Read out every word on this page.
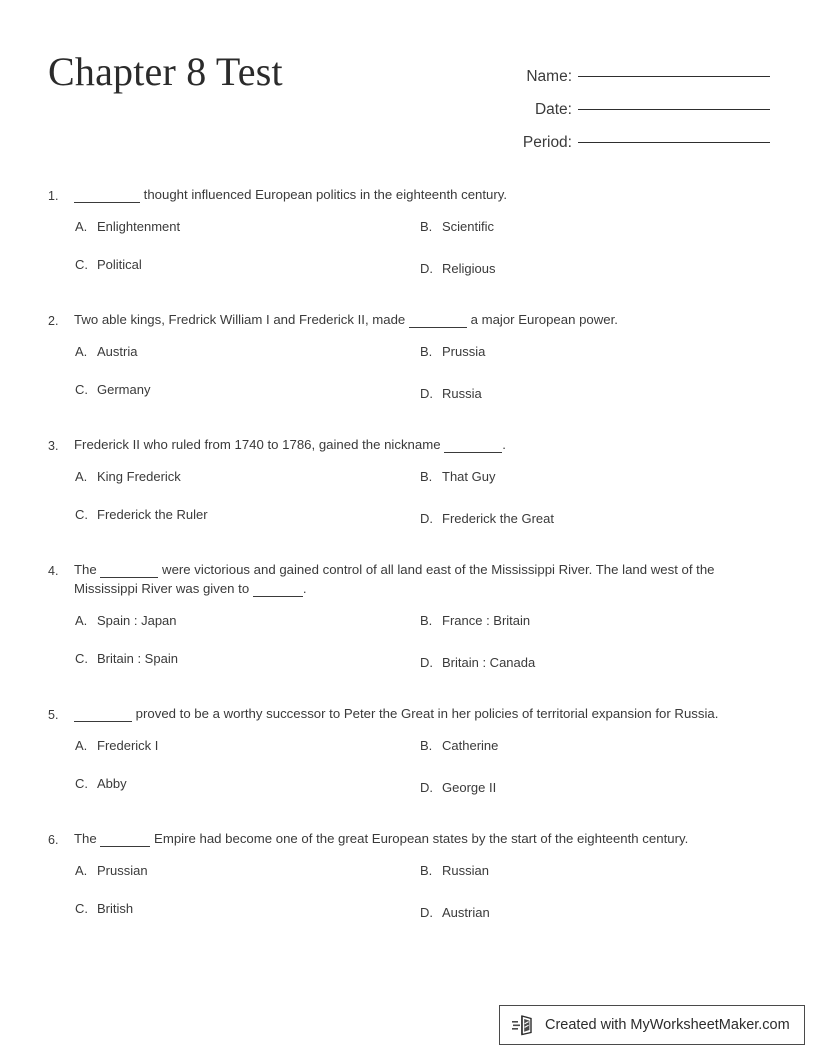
Chapter 8 Test	Name:
Date:
Period:
1.	thought influenced European politics in the eighteenth century.
A. Enlightenment	B. Scientific
C. Political	D. Religious
2.	Two able kings, Fredrick William I and Frederick II, made	a major European power.
A. Austria	B. Prussia
C. Germany	D. Russia
3.	Frederick II who ruled from 1740 to 1786, gained the nickname	.
A. King Frederick	B. That Guy
C. Frederick the Ruler	D. Frederick the Great
4.	The	were victorious and gained control of all land east of the Mississippi River. The land west of the Mississippi River was given to	.
A. Spain : Japan	B. France : Britain
C. Britain : Spain	D. Britain : Canada
5.	proved to be a worthy successor to Peter the Great in her policies of territorial expansion for Russia.
A. Frederick I	B. Catherine
C. Abby	D. George II
6.	The	Empire had become one of the great European states by the start of the eighteenth century.
A. Prussian	B. Russian
C. British	D. Austrian
Created with MyWorksheetMaker.com
